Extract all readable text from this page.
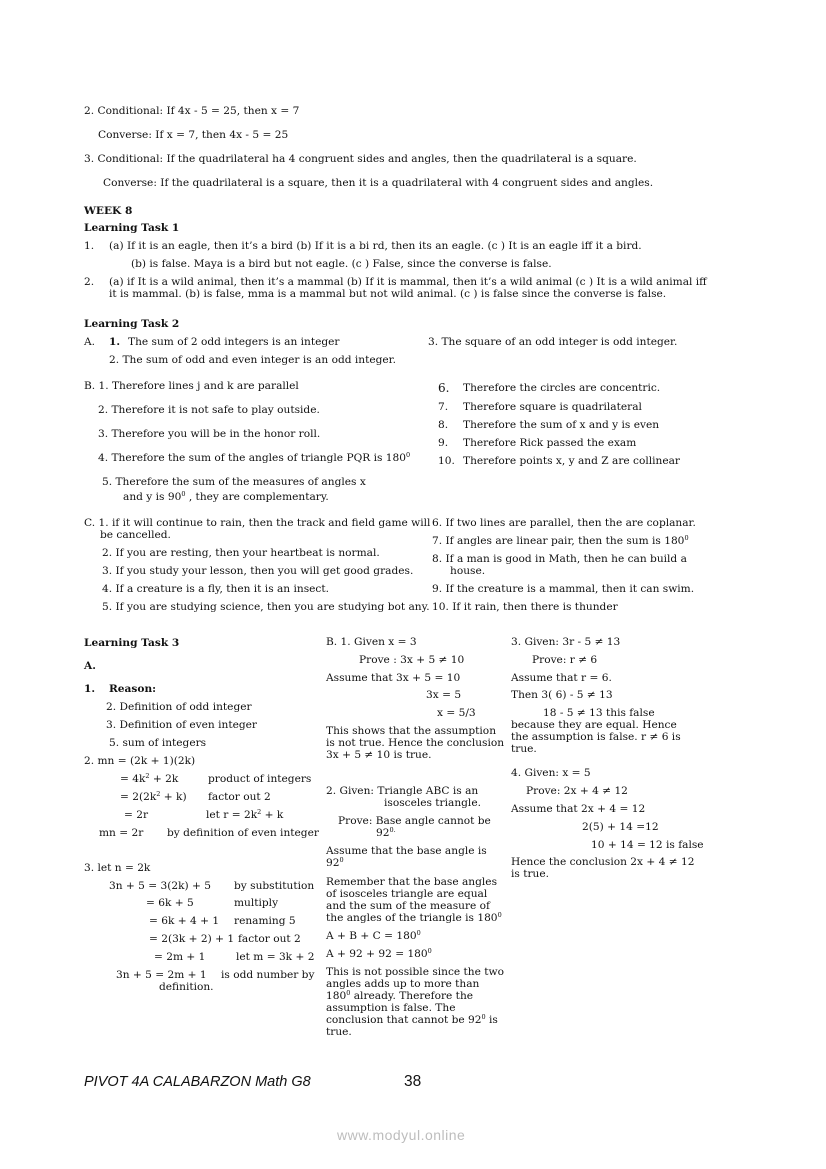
2. Conditional: If 4x - 5 = 25, then x = 7
Converse: If x = 7, then 4x - 5 = 25
3. Conditional: If the quadrilateral ha 4 congruent sides and angles, then the quadrilateral is a square.
Converse: If the quadrilateral is a square, then it is a quadrilateral with 4 congruent sides and angles.
WEEK 8
Learning Task 1
1. (a) If it is an eagle, then it’s a bird (b) If it is a bi rd, then its an eagle. (c ) It is an eagle iff it a bird.
(b) is false. Maya is a bird but not eagle. (c ) False, since the converse is false.
2. (a) if It is a wild animal, then it’s a mammal (b) If it is mammal, then it’s a wild animal (c ) It is a wild animal iff it is mammal. (b) is false, mma is a mammal but not wild animal. (c ) is false since the converse is false.
Learning Task 2
A. 1. The sum of 2 odd integers is an integer
2. The sum of odd and even integer is an odd integer.
3. The square of an odd integer is odd integer.
B. 1. Therefore lines j and k are parallel
2. Therefore it is not safe to play outside.
3. Therefore you will be in the honor roll.
4. Therefore the sum of the angles of triangle PQR is $180^0$
5. Therefore the sum of the measures of angles x
and y is $90^0$ , they are complementary.
6. Therefore the circles are concentric.
7. Therefore square is quadrilateral
8. Therefore the sum of x and y is even
9. Therefore Rick passed the exam
10. Therefore points x, y and Z are collinear
C. 1. if it will continue to rain, then the track and field game will be cancelled.
2. If you are resting, then your heartbeat is normal.
3. If you study your lesson, then you will get good grades.
4. If a creature is a fly, then it is an insect.
5. If you are studying science, then you are studying bot any.
6. If two lines are parallel, then the are coplanar.
7. If angles are linear pair, then the sum is $180^0$
8. If a man is good in Math, then he can build a house.
9. If the creature is a mammal, then it can swim.
10. If it rain, then there is thunder
Learning Task 3
A.
1. Reason:
2. Definition of odd integer
3. Definition of even integer
5. sum of integers
2. mn = (2k + 1)(2k)
= $4k^2 + 2k$	product of integers
= $2(2k^2 + k)$ factor out 2
= 2r	let $r = 2k^2 + k$
mn = 2r by definition of even integer
3. let n = 2k
3n + 5 = 3(2k) + 5 by substitution
= 6k + 5	multiply
= 6k + 4 + 1 renaming 5
= 2(3k + 2) + 1 factor out 2
= 2m + 1	let m = 3k + 2
3n + 5 = 2m + 1 is odd number by
definition.
B. 1. Given x = 3
Prove : 3x + 5 ≠ 10
Assume that 3x + 5 = 10
3x = 5
x = 5/3
This shows that the assumption is not true. Hence the conclusion 3x + 5 ≠ 10 is true.
2. Given: Triangle ABC is an
isosceles triangle.
Prove: Base angle cannot be
$92^{0.}$
Assume that the base angle is $92^0$
Remember that the base angles of isosceles triangle are equal and the sum of the measure of the angles of the triangle is $180^0$
$A + B + C = 180^0$
$A + 92 + 92 = 180^0$
This is not possible since the two angles adds up to more than $180^0$ already. Therefore the assumption is false. The conclusion that cannot be $92^0$ is true.
3. Given: 3r - 5 ≠ 13
Prove: r ≠ 6
Assume that r = 6.
Then 3( 6) - 5 ≠ 13
18 - 5 ≠ 13 this false because they are equal. Hence the assumption is false. r ≠ 6 is true.
4. Given: x = 5
Prove: 2x + 4 ≠ 12
Assume that 2x + 4 = 12
2(5) + 14 =12
10 + 14 = 12 is false
Hence the conclusion 2x + 4 ≠ 12 is true.
PIVOT 4A CALABARZON Math G8	38
www.modyul.online
